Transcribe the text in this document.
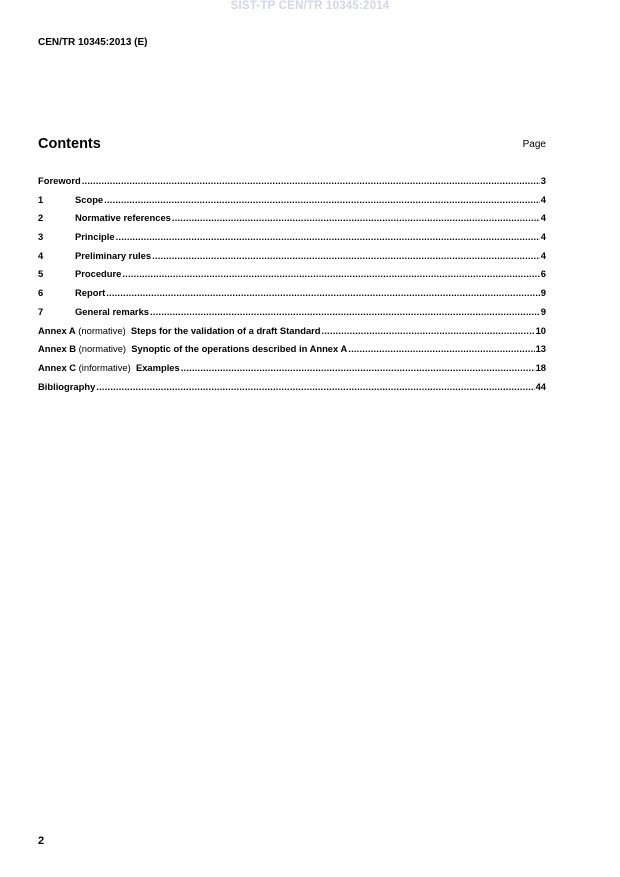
SIST-TP CEN/TR 10345:2014
CEN/TR 10345:2013 (E)
Contents	Page
Foreword .....	3
1	Scope .....	4
2	Normative references .....	4
3	Principle .....	4
4	Preliminary rules .....	4
5	Procedure .....	6
6	Report .....	9
7	General remarks .....	9
Annex A (normative) Steps for the validation of a draft Standard .....	10
Annex B (normative) Synoptic of the operations described in Annex A .....	13
Annex C (informative) Examples .....	18
Bibliography .....	44
2
